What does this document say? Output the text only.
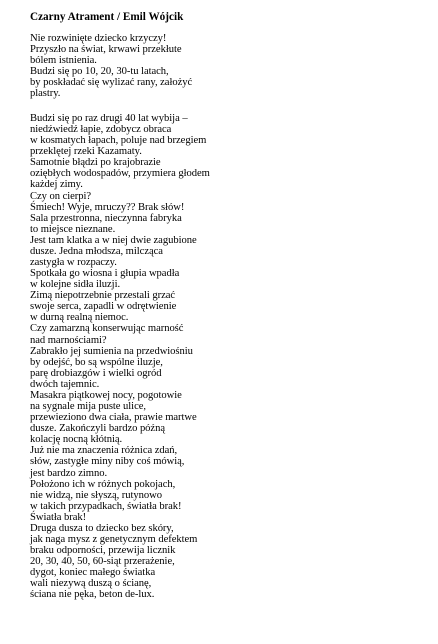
Czarny Atrament / Emil Wójcik

Nie rozwinięte dziecko krzyczy!

Przyszło na świat, krwawi przekłute

bólem istnienia.

Budzi się po 10, 20, 30-tu latach,

by poskładać się wylizać rany, założyć

plastry.

Budzi się po raz drugi 40 lat wybija –

niedźwiedź łapie, zdobycz obraca

w kosmatych łapach, poluje nad brzegiem

przeklętej rzeki Kazamaty.

Samotnie błądzi po krajobrazie

oziębłych wodospadów, przymiera głodem

każdej zimy.

Czy on cierpi?

Śmiech! Wyje, mruczy?? Brak słów!

Sala przestronna, nieczynna fabryka

to miejsce nieznane.

Jest tam klatka a w niej dwie zagubione

dusze. Jedna młodsza, milcząca

zastygła w rozpaczy.

Spotkała go wiosna i głupia wpadła

w kolejne sidła iluzji.

Zimą niepotrzebnie przestali grzać

swoje serca, zapadli w odrętwienie

w durną realną niemoc.

Czy zamarzną konserwując marność

nad marnościami?

Zabrakło jej sumienia na przedwiośniu

by odejść, bo są wspólne iluzje,

parę drobiazgów i wielki ogród

dwóch tajemnic.

Masakra piątkowej nocy, pogotowie

na sygnale mija puste ulice,

przewieziono dwa ciała, prawie martwe

dusze. Zakończyli bardzo późną

kolację nocną kłótnią.

Już nie ma znaczenia różnica zdań,

słów, zastygłe miny niby coś mówią,

jest bardzo zimno.

Położono ich w różnych pokojach,

nie widzą, nie słyszą, rutynowo

w takich przypadkach, światła brak!

Światła brak!

Druga dusza to dziecko bez skóry,

jak naga mysz z genetycznym defektem

braku odporności, przewija licznik

20, 30, 40, 50, 60-siąt przerażenie,

dygot, koniec małego światka

wali niezywą duszą o ścianę,

ściana nie pęka, beton de-lux.
